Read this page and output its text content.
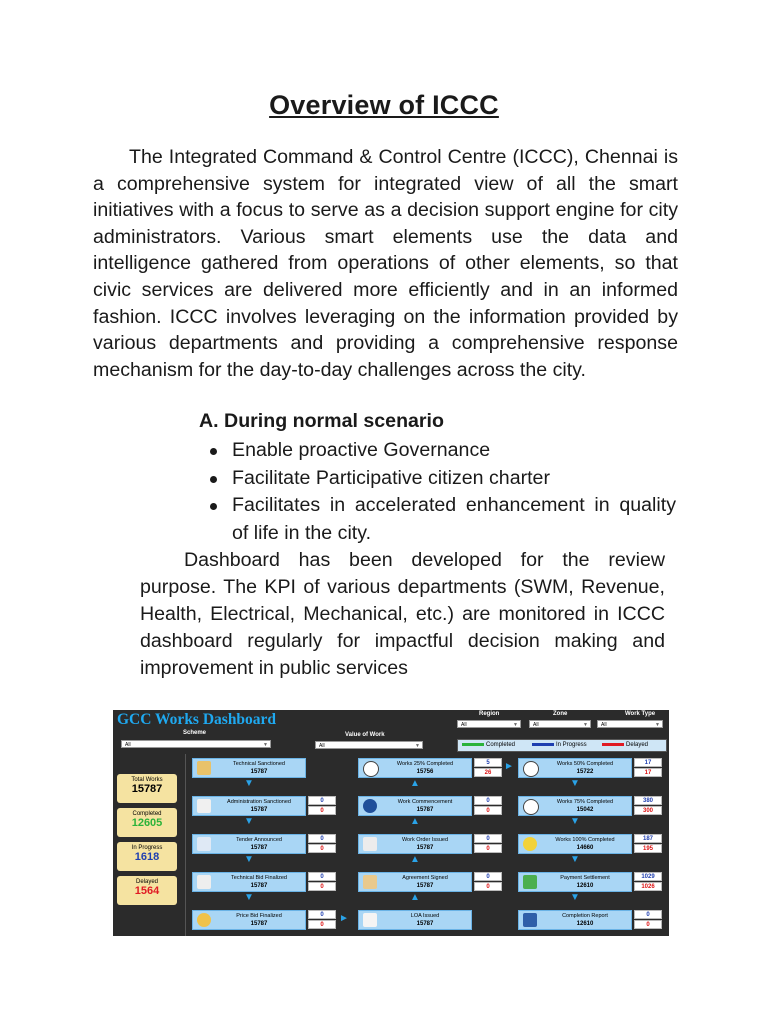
Overview of ICCC
The Integrated Command & Control Centre (ICCC), Chennai is a comprehensive system for integrated view of all the smart initiatives with a focus to serve as a decision support engine for city administrators. Various smart elements use the data and intelligence gathered from operations of other elements, so that civic services are delivered more efficiently and in an informed fashion. ICCC involves leveraging on the information provided by various departments and providing a comprehensive response mechanism for the day-to-day challenges across the city.
A. During normal scenario
Enable proactive Governance
Facilitate Participative citizen charter
Facilitates in accelerated enhancement in quality of life in the city.
Dashboard has been developed for the review purpose. The KPI of various departments (SWM, Revenue, Health, Electrical, Mechanical, etc.) are monitored in ICCC dashboard regularly for impactful decision making and improvement in public services
GCC Works Dashboard
Scheme
All	▼
Value of Work
All	▼
Region
All	▼
Zone
All	▼
Work Type
All	▼
Completed	In Progress	Delayed
Total Works
15787
Completed
12605
In Progress
1618
Delayed
1564
Technical Sanctioned
15787
▼
Administration Sanctioned
15787
0
0
▼
Tender Announced
15787
0
0
▼
Technical Bid Finalized
15787
0
0
▼
Price Bid Finalized
15787
0
0
►
Works 25% Completed
15756
5
26
►
▲
Work Commencement
15787
0
0
▲
Work Order Issued
15787
0
0
▲
Agreement Signed
15787
0
0
▲
LOA Issued
15787
Works 50% Completed
15722
17
17
▼
Works 75% Completed
15042
380
300
▼
Works 100% Completed
14660
187
195
▼
Payment Settlement
12610
1029
1026
▼
Completion Report
12610
0
0
